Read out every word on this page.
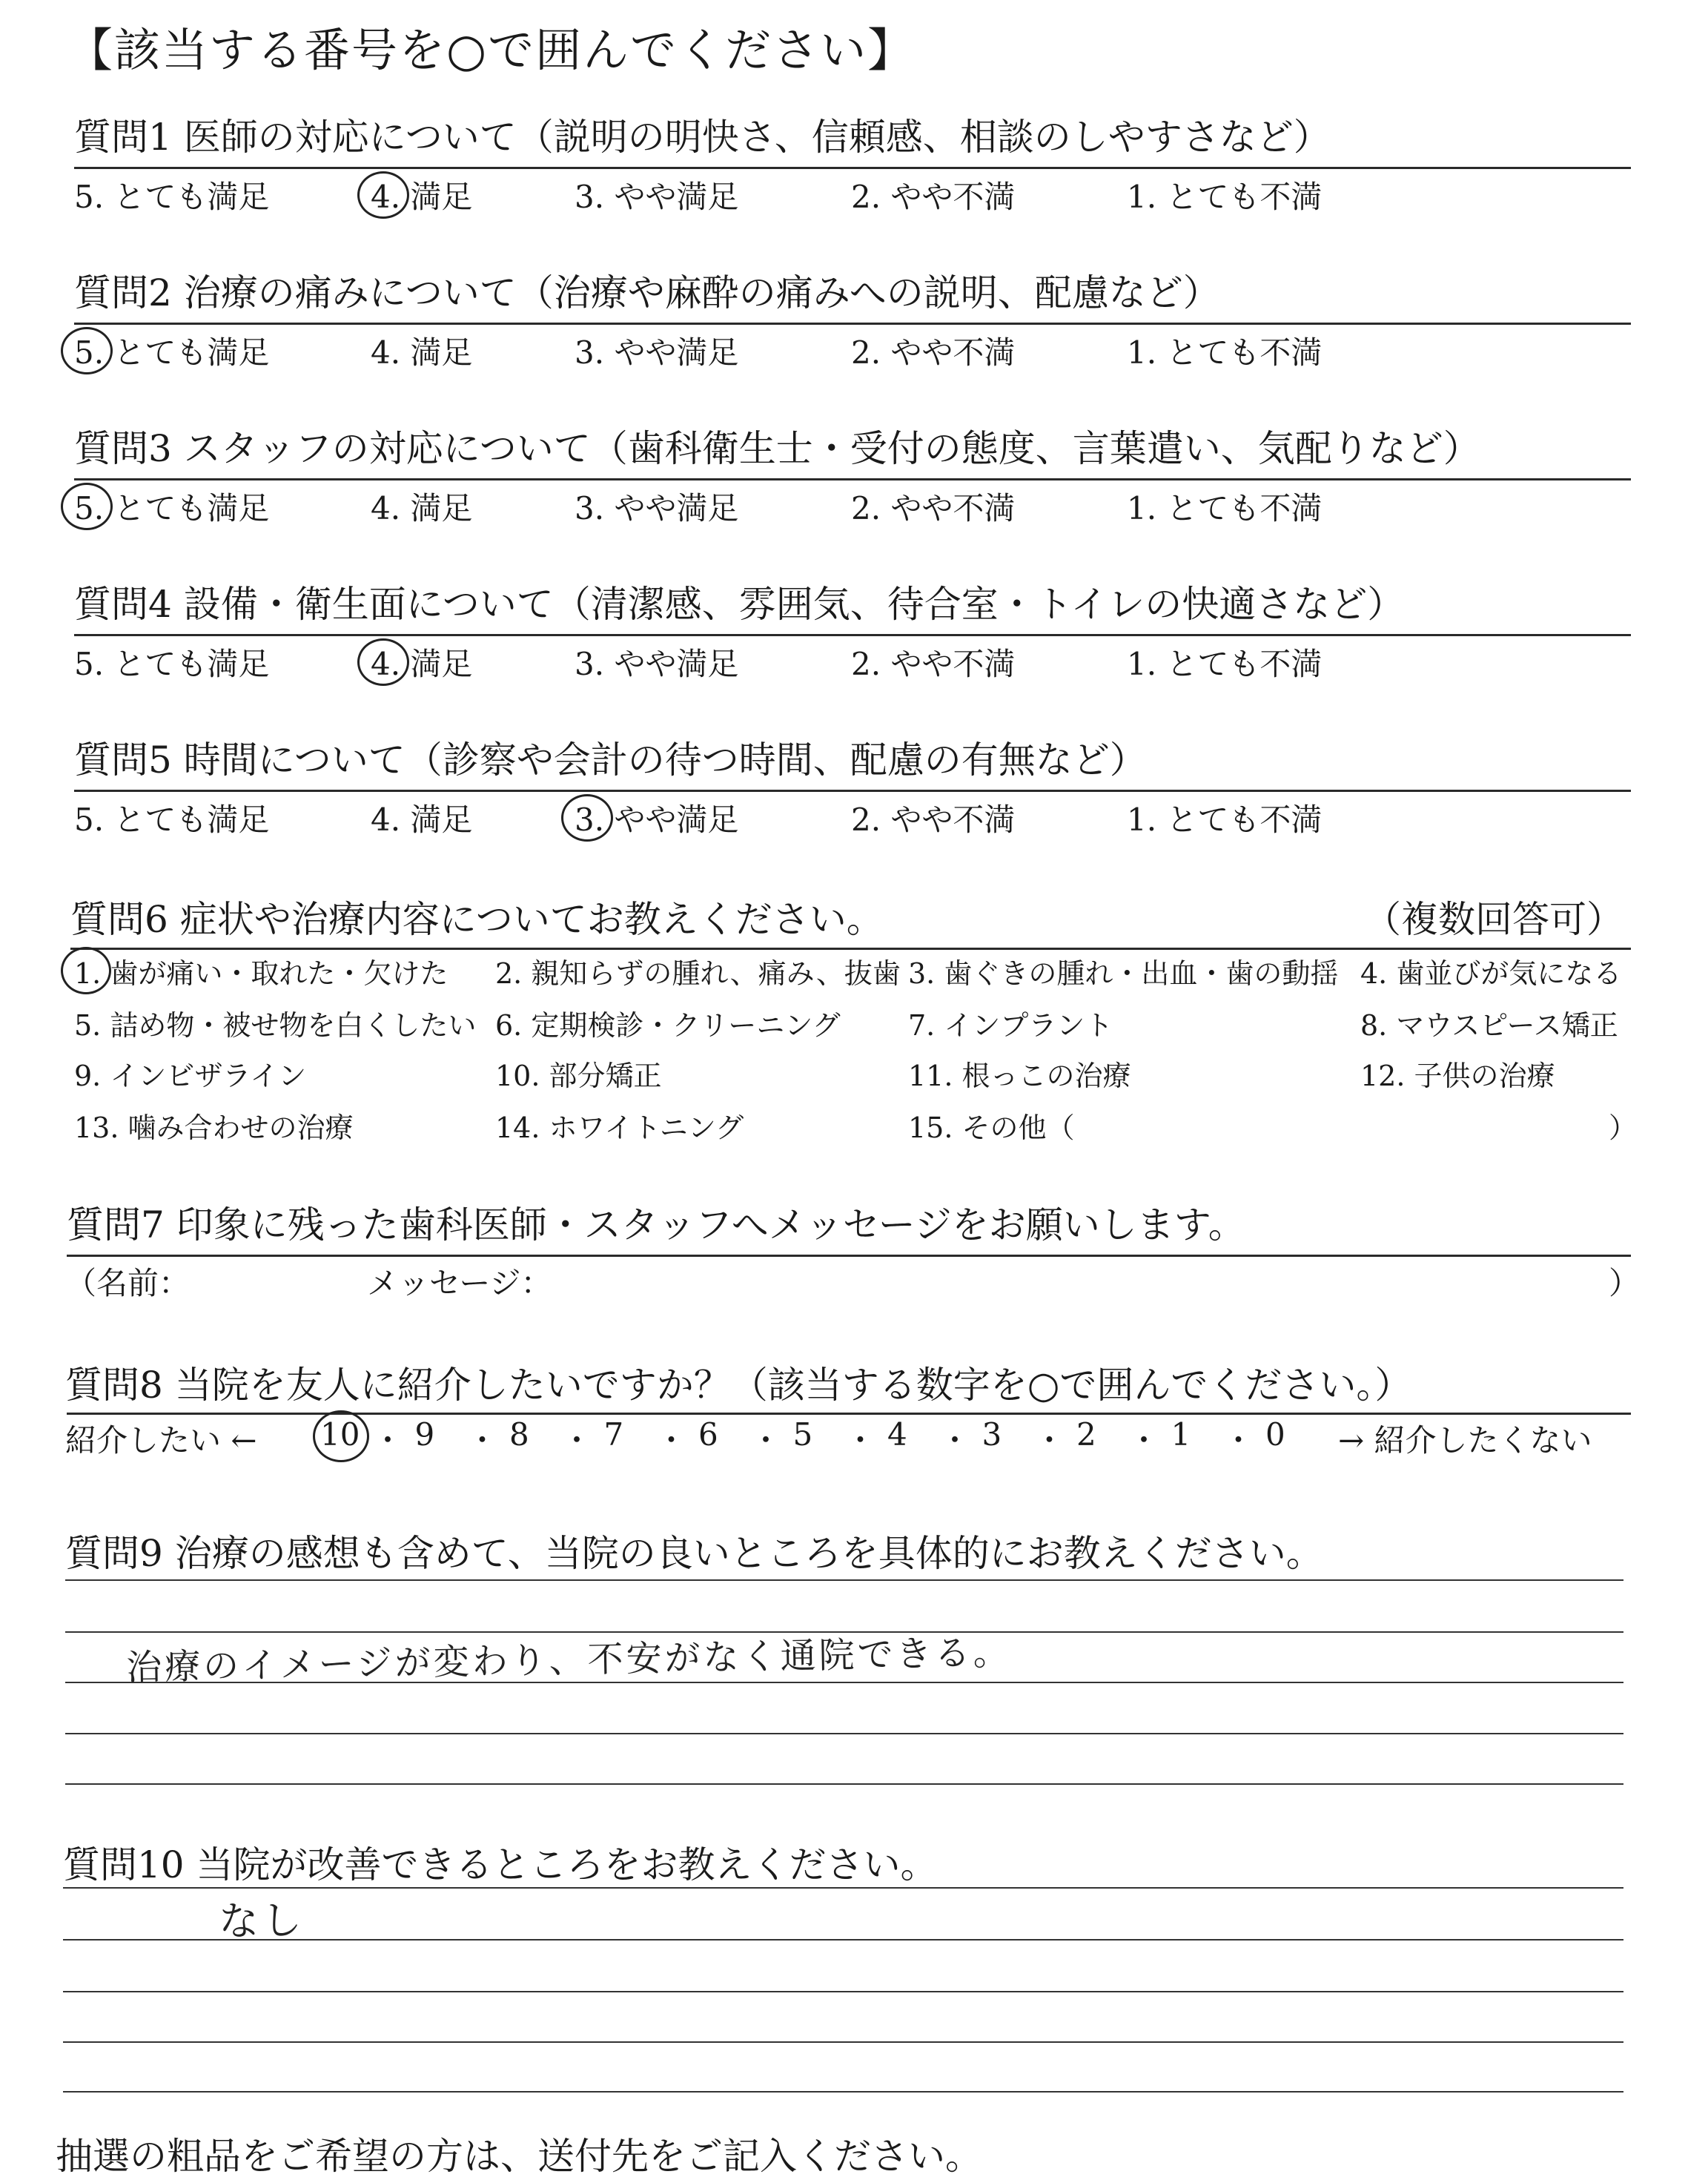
【該当する番号を○で囲んでください】
質問1 医師の対応について（説明の明快さ、信頼感、相談のしやすさなど）
5. とても満足	4. 満足	3. やや満足	2. やや不満	1. とても不満
質問2 治療の痛みについて（治療や麻酔の痛みへの説明、配慮など）
5. とても満足	4. 満足	3. やや満足	2. やや不満	1. とても不満
質問3 スタッフの対応について（歯科衛生士・受付の態度、言葉遣い、気配りなど）
5. とても満足	4. 満足	3. やや満足	2. やや不満	1. とても不満
質問4 設備・衛生面について（清潔感、雰囲気、待合室・トイレの快適さなど）
5. とても満足	4. 満足	3. やや満足	2. やや不満	1. とても不満
質問5 時間について（診察や会計の待つ時間、配慮の有無など）
5. とても満足	4. 満足	3. やや満足	2. やや不満	1. とても不満
質問6 症状や治療内容についてお教えください。	（複数回答可）
1. 歯が痛い・取れた・欠けた 2. 親知らずの腫れ、痛み、抜歯 3. 歯ぐきの腫れ・出血・歯の動揺 4. 歯並びが気になる
5. 詰め物・被せ物を白くしたい 6. 定期検診・クリーニング 7. インプラント	8. マウスピース矯正
9. インビザライン	10. 部分矯正	11. 根っこの治療	12. 子供の治療
13. 噛み合わせの治療	14. ホワイトニング	15. その他（	）
質問7 印象に残った歯科医師・スタッフへメッセージをお願いします。
（名前：	メッセージ：	）
質問8 当院を友人に紹介したいですか？（該当する数字を○で囲んでください。）
紹介したい ← 10 ・ 9 ・ 8 ・ 7 ・ 6 ・ 5 ・ 4 ・ 3 ・ 2 ・ 1 ・ 0 → 紹介したくない
質問9 治療の感想も含めて、当院の良いところを具体的にお教えください。
治療のイメージが変わり、不安がなく通院できる。
質問10 当院が改善できるところをお教えください。
なし
抽選の粗品をご希望の方は、送付先をご記入ください。
